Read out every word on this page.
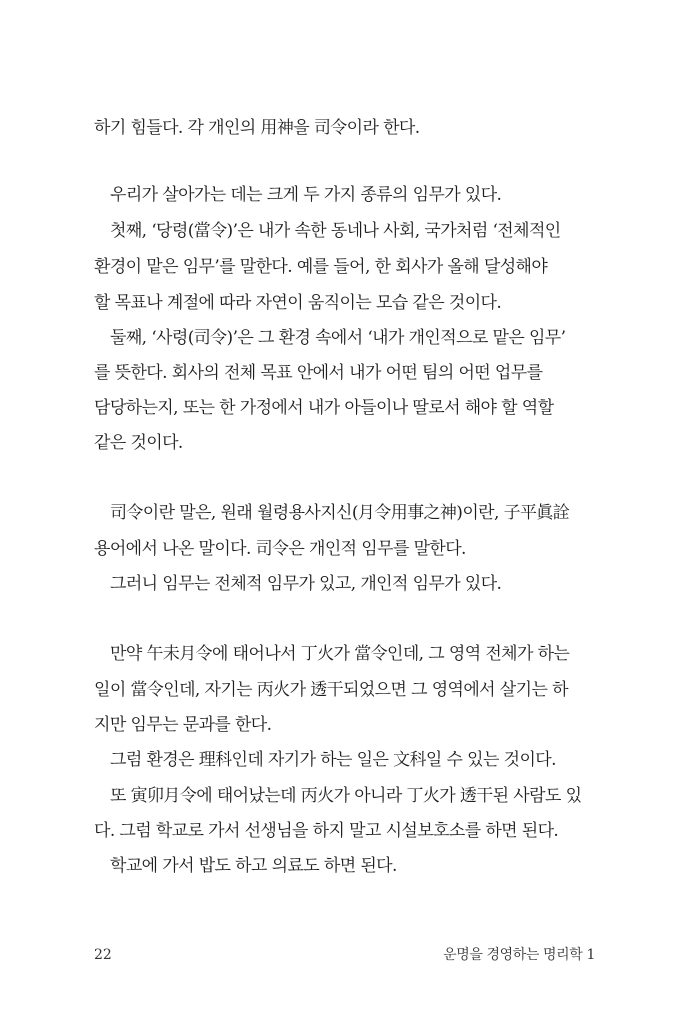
하기 힘들다. 각 개인의 用神을 司令이라 한다.
우리가 살아가는 데는 크게 두 가지 종류의 임무가 있다.
첫째, ‘당령(當令)’은 내가 속한 동네나 사회, 국가처럼 ‘전체적인
환경이 맡은 임무’를 말한다. 예를 들어, 한 회사가 올해 달성해야
할 목표나 계절에 따라 자연이 움직이는 모습 같은 것이다.
둘째, ‘사령(司令)’은 그 환경 속에서 ‘내가 개인적으로 맡은 임무’
를 뜻한다. 회사의 전체 목표 안에서 내가 어떤 팀의 어떤 업무를
담당하는지, 또는 한 가정에서 내가 아들이나 딸로서 해야 할 역할
같은 것이다.
司令이란 말은, 원래 월령용사지신(月令用事之神)이란, 子平眞詮
용어에서 나온 말이다. 司令은 개인적 임무를 말한다.
그러니 임무는 전체적 임무가 있고, 개인적 임무가 있다.
만약 午未月令에 태어나서 丁火가 當令인데, 그 영역 전체가 하는
일이 當令인데, 자기는 丙火가 透干되었으면 그 영역에서 살기는 하
지만 임무는 문과를 한다.
그럼 환경은 理科인데 자기가 하는 일은 文科일 수 있는 것이다.
또 寅卯月令에 태어났는데 丙火가 아니라 丁火가 透干된 사람도 있
다. 그럼 학교로 가서 선생님을 하지 말고 시설보호소를 하면 된다.
학교에 가서 밥도 하고 의료도 하면 된다.
22	운명을 경영하는 명리학 1
